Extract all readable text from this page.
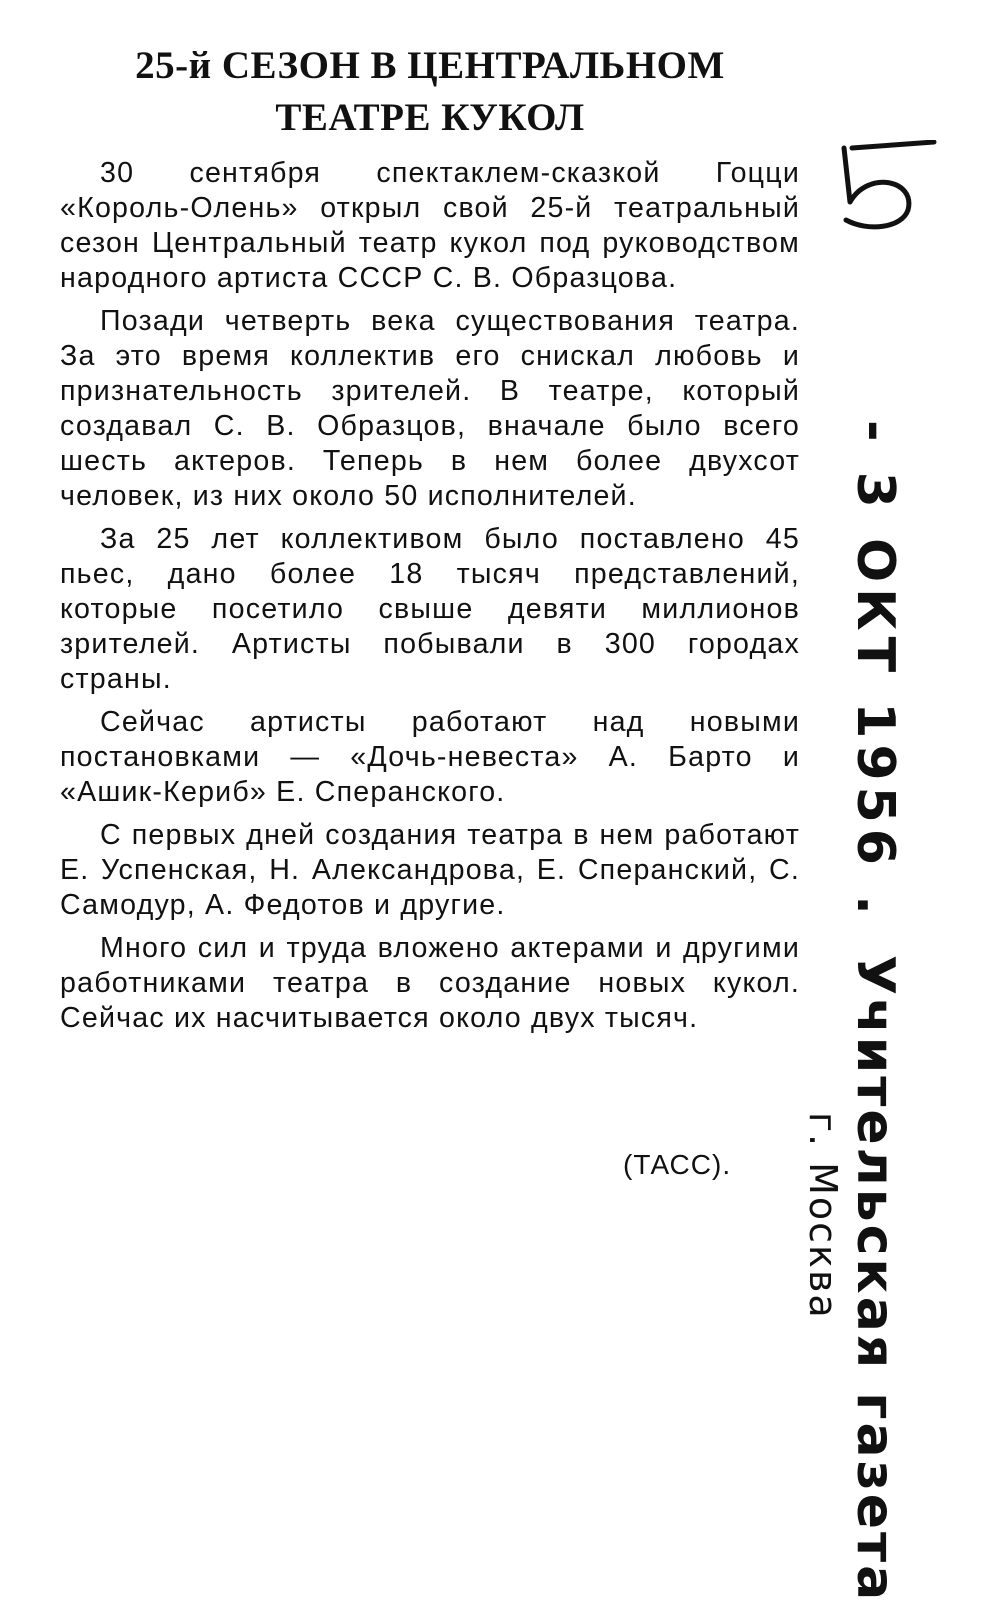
25-й СЕЗОН В ЦЕНТРАЛЬНОМ
ТЕАТРЕ КУКОЛ

30 сентября спектаклем-сказкой Гоцци «Король-Олень» открыл свой 25-й театральный сезон Центральный театр кукол под руководством народного артиста СССР С. В. Образцова.

Позади четверть века существования театра. За это время коллектив его снискал любовь и признательность зрителей. В театре, который создавал С. В. Образцов, вначале было всего шесть актеров. Теперь в нем более двухсот человек, из них около 50 исполнителей.

За 25 лет коллективом было поставлено 45 пьес, дано более 18 тысяч представлений, которые посетило свыше девяти миллионов зрителей. Артисты побывали в 300 городах страны.

Сейчас артисты работают над новыми постановками — «Дочь-невеста» А. Барто и «Ашик-Кериб» Е. Сперанского.

С первых дней создания театра в нем работают Е. Успенская, Н. Александрова, Е. Сперанский, С. Самодур, А. Федотов и другие.

Много сил и труда вложено актерами и другими работниками театра в создание новых кукол. Сейчас их насчитывается около двух тысяч.

(ТАСС).
- 3 ОКТ 1956 .
Учительская газета
г. Москва
